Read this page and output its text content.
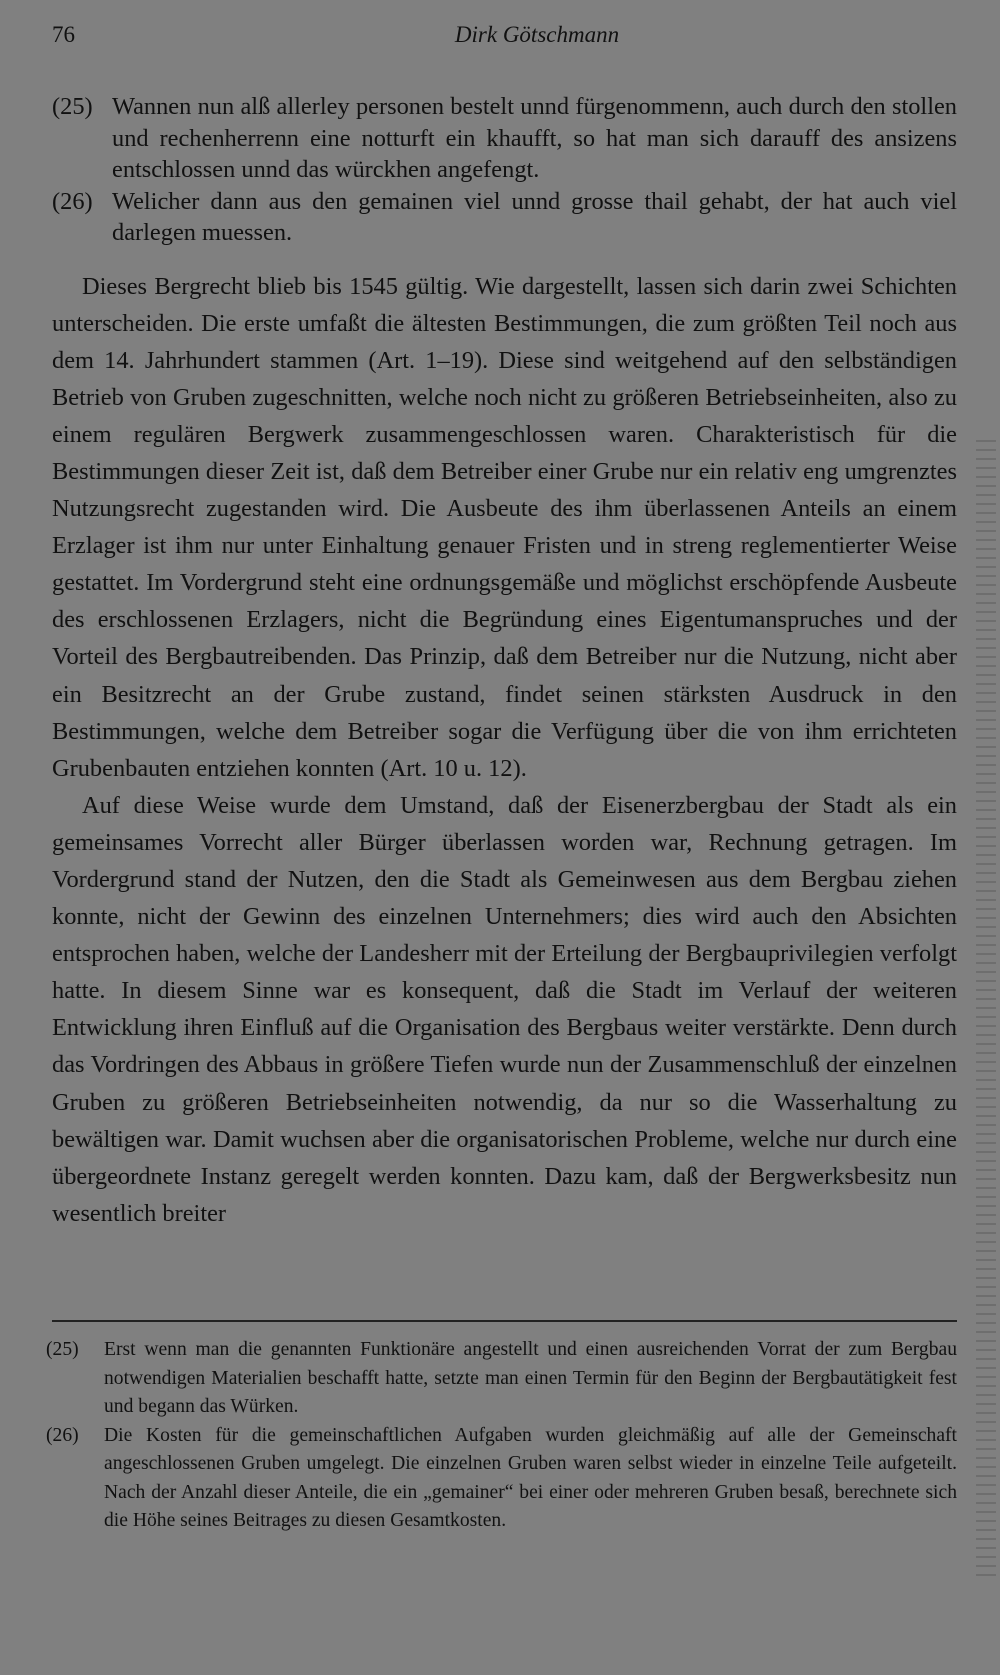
76	Dirk Götschmann
(25) Wannen nun alß allerley personen bestelt unnd fürgenommenn, auch durch den stollen und rechenherrenn eine notturft ein khaufft, so hat man sich darauff des ansizens entschlossen unnd das würckhen angefengt.
(26) Welicher dann aus den gemainen viel unnd grosse thail gehabt, der hat auch viel darlegen muessen.

Dieses Bergrecht blieb bis 1545 gültig. Wie dargestellt, lassen sich darin zwei Schichten unterscheiden. Die erste umfaßt die ältesten Bestimmungen, die zum größten Teil noch aus dem 14. Jahrhundert stammen (Art. 1–19). Diese sind weitgehend auf den selbständigen Betrieb von Gruben zugeschnitten, welche noch nicht zu größeren Betriebseinheiten, also zu einem regulären Bergwerk zusammengeschlossen waren. Charakteristisch für die Bestimmungen dieser Zeit ist, daß dem Betreiber einer Grube nur ein relativ eng umgrenztes Nutzungsrecht zugestanden wird. Die Ausbeute des ihm überlassenen Anteils an einem Erzlager ist ihm nur unter Einhaltung genauer Fristen und in streng reglementierter Weise gestattet. Im Vordergrund steht eine ordnungsgemäße und möglichst erschöpfende Ausbeute des erschlossenen Erzlagers, nicht die Begründung eines Eigentumanspruches und der Vorteil des Bergbautreibenden. Das Prinzip, daß dem Betreiber nur die Nutzung, nicht aber ein Besitzrecht an der Grube zustand, findet seinen stärksten Ausdruck in den Bestimmungen, welche dem Betreiber sogar die Verfügung über die von ihm errichteten Grubenbauten entziehen konnten (Art. 10 u. 12).

Auf diese Weise wurde dem Umstand, daß der Eisenerzbergbau der Stadt als ein gemeinsames Vorrecht aller Bürger überlassen worden war, Rechnung getragen. Im Vordergrund stand der Nutzen, den die Stadt als Gemeinwesen aus dem Bergbau ziehen konnte, nicht der Gewinn des einzelnen Unternehmers; dies wird auch den Absichten entsprochen haben, welche der Landesherr mit der Erteilung der Bergbauprivilegien verfolgt hatte. In diesem Sinne war es konsequent, daß die Stadt im Verlauf der weiteren Entwicklung ihren Einfluß auf die Organisation des Bergbaus weiter verstärkte. Denn durch das Vordringen des Abbaus in größere Tiefen wurde nun der Zusammenschluß der einzelnen Gruben zu größeren Betriebseinheiten notwendig, da nur so die Wasserhaltung zu bewältigen war. Damit wuchsen aber die organisatorischen Probleme, welche nur durch eine übergeordnete Instanz geregelt werden konnten. Dazu kam, daß der Bergwerksbesitz nun wesentlich breiter

(25)	Erst wenn man die genannten Funktionäre angestellt und einen ausreichenden Vorrat der zum Bergbau notwendigen Materialien beschafft hatte, setzte man einen Termin für den Beginn der Bergbautätigkeit fest und begann das Würken.
(26)	Die Kosten für die gemeinschaftlichen Aufgaben wurden gleichmäßig auf alle der Gemeinschaft angeschlossenen Gruben umgelegt. Die einzelnen Gruben waren selbst wieder in einzelne Teile aufgeteilt. Nach der Anzahl dieser Anteile, die ein „gemainer“ bei einer oder mehreren Gruben besaß, berechnete sich die Höhe seines Beitrages zu diesen Gesamtkosten.
